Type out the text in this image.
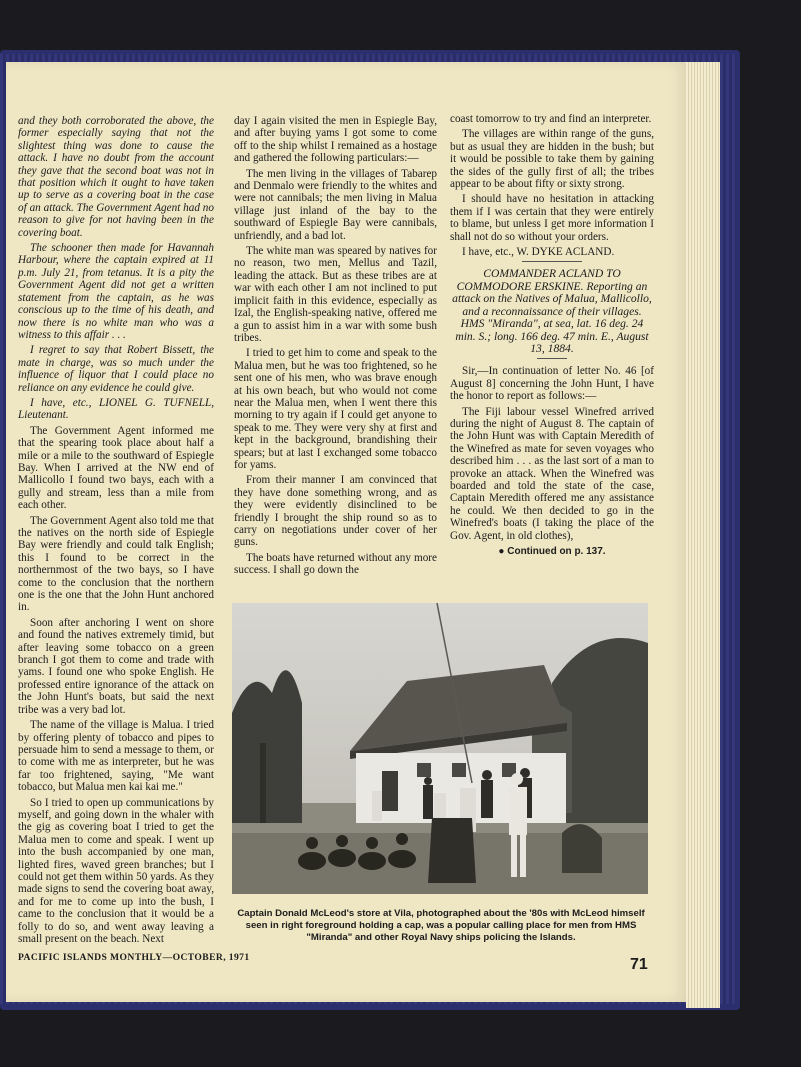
and they both corroborated the above, the former especially saying that not the slightest thing was done to cause the attack. I have no doubt from the account they gave that the second boat was not in that position which it ought to have taken up to serve as a covering boat in the case of an attack. The Government Agent had no reason to give for not having been in the covering boat.

The schooner then made for Havannah Harbour, where the captain expired at 11 p.m. July 21, from tetanus. It is a pity the Government Agent did not get a written statement from the captain, as he was conscious up to the time of his death, and now there is no white man who was a witness to this affair . . .

I regret to say that Robert Bissett, the mate in charge, was so much under the influence of liquor that I could place no reliance on any evidence he could give.

I have, etc., LIONEL G. TUFNELL, Lieutenant.

The Government Agent informed me that the spearing took place about half a mile or a mile to the southward of Espiegle Bay. When I arrived at the NW end of Mallicollo I found two bays, each with a gully and stream, less than a mile from each other.

The Government Agent also told me that the natives on the north side of Espiegle Bay were friendly and could talk English; this I found to be correct in the northernmost of the two bays, so I have come to the conclusion that the northern one is the one that the John Hunt anchored in.

Soon after anchoring I went on shore and found the natives extremely timid, but after leaving some tobacco on a green branch I got them to come and trade with yams. I found one who spoke English. He professed entire ignorance of the attack on the John Hunt's boats, but said the next tribe was a very bad lot.

The name of the village is Malua. I tried by offering plenty of tobacco and pipes to persuade him to send a message to them, or to come with me as interpreter, but he was far too frightened, saying, "Me want tobacco, but Malua men kai kai me."

So I tried to open up communications by myself, and going down in the whaler with the gig as covering boat I tried to get the Malua men to come and speak. I went up into the bush accompanied by one man, lighted fires, waved green branches; but I could not get them within 50 yards. As they made signs to send the covering boat away, and for me to come up into the bush, I came to the conclusion that it would be a folly to do so, and went away leaving a small present on the beach. Next

day I again visited the men in Espiegle Bay, and after buying yams I got some to come off to the ship whilst I remained as a hostage and gathered the following particulars:—

The men living in the villages of Tabarep and Denmalo were friendly to the whites and were not cannibals; the men living in Malua village just inland of the bay to the southward of Espiegle Bay were cannibals, unfriendly, and a bad lot.

The white man was speared by natives for no reason, two men, Mellus and Tazil, leading the attack. But as these tribes are at war with each other I am not inclined to put implicit faith in this evidence, especially as Izal, the English-speaking native, offered me a gun to assist him in a war with some bush tribes.

I tried to get him to come and speak to the Malua men, but he was too frightened, so he sent one of his men, who was brave enough at his own beach, but who would not come near the Malua men, when I went there this morning to try again if I could get anyone to speak to me. They were very shy at first and kept in the background, brandishing their spears; but at last I exchanged some tobacco for yams.

From their manner I am convinced that they have done something wrong, and as they were evidently disinclined to be friendly I brought the ship round so as to carry on negotiations under cover of her guns.

The boats have returned without any more success. I shall go down the

coast tomorrow to try and find an interpreter.

The villages are within range of the guns, but as usual they are hidden in the bush; but it would be possible to take them by gaining the sides of the gully first of all; the tribes appear to be about fifty or sixty strong.

I should have no hesitation in attacking them if I was certain that they were entirely to blame, but unless I get more information I shall not do so without your orders.

I have, etc., W. DYKE ACLAND.

COMMANDER ACLAND TO COMMODORE ERSKINE. Reporting an attack on the Natives of Malua, Mallicollo, and a reconnaissance of their villages. HMS "Miranda", at sea, lat. 16 deg. 24 min. S.; long. 166 deg. 47 min. E., August 13, 1884.

Sir,—In continuation of letter No. 46 [of August 8] concerning the John Hunt, I have the honor to report as follows:—

The Fiji labour vessel Winefred arrived during the night of August 8. The captain of the John Hunt was with Captain Meredith of the Winefred as mate for seven voyages who described him . . . as the last sort of a man to provoke an attack. When the Winefred was boarded and told the state of the case, Captain Meredith offered me any assistance he could. We then decided to go in the Winefred's boats (I taking the place of the Gov. Agent, in old clothes),

● Continued on p. 137.
Captain Donald McLeod's store at Vila, photographed about the '80s with McLeod himself seen in right foreground holding a cap, was a popular calling place for men from HMS "Miranda" and other Royal Navy ships policing the Islands.
PACIFIC ISLANDS MONTHLY—OCTOBER, 1971	71
